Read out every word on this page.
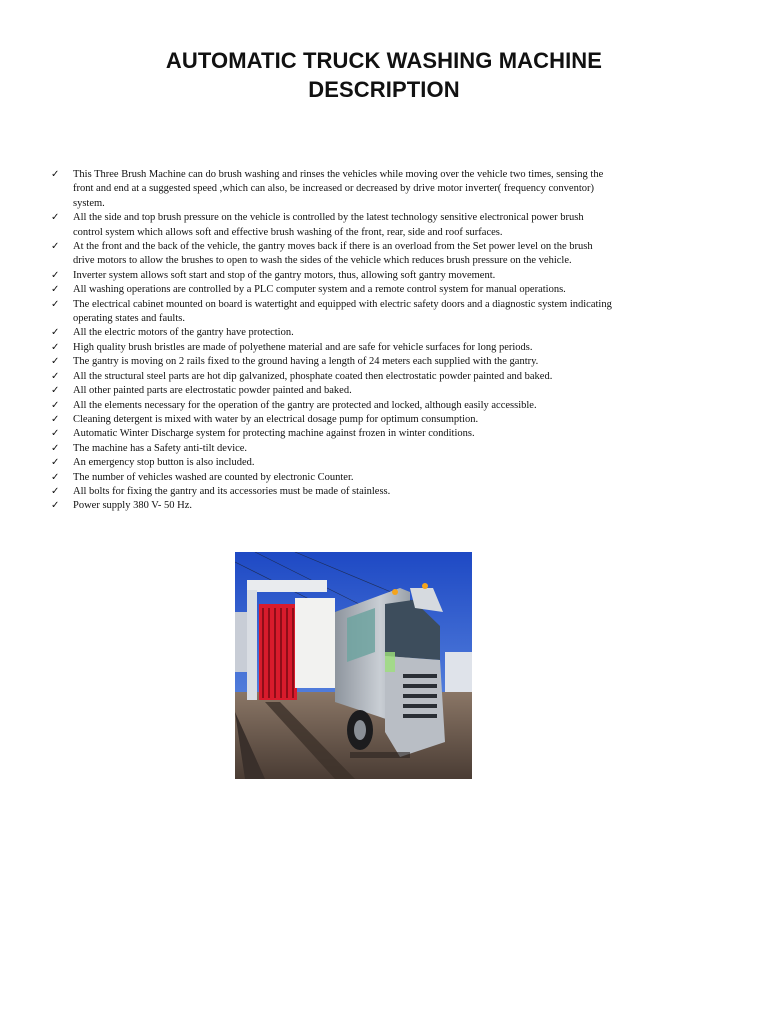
AUTOMATIC TRUCK WASHING MACHINE
DESCRIPTION
✓ This Three Brush Machine can do brush washing and rinses the vehicles while moving over the vehicle two times, sensing the
front and end at a suggested speed ,which can also, be increased or decreased by drive motor inverter( frequency conventor)
system.
✓ All the side and top brush pressure on the vehicle is controlled by the latest technology sensitive electronical power brush
control system which allows soft and effective brush washing of the front, rear, side and roof surfaces.
✓ At the front and the back of the vehicle, the gantry moves back if there is an overload from the Set power level on the brush
drive motors to allow the brushes to open to wash the sides of the vehicle which reduces brush pressure on the vehicle.
✓ Inverter system allows soft start and stop of the gantry motors, thus, allowing soft gantry movement.
✓ All washing operations are controlled by a PLC computer system and a remote control system for manual operations.
✓ The electrical cabinet mounted on board is watertight and equipped with electric safety doors and a diagnostic system indicating
operating states and faults.
✓ All the electric motors of the gantry have protection.
✓ High quality brush bristles are made of polyethene material and are safe for vehicle surfaces for long periods.
✓ The gantry is moving on 2 rails fixed to the ground having a length of 24 meters each supplied with the gantry.
✓ All the structural steel parts are hot dip galvanized, phosphate coated then electrostatic powder painted and baked.
✓ All other painted parts are electrostatic powder painted and baked.
✓ All the elements necessary for the operation of the gantry are protected and locked, although easily accessible.
✓ Cleaning detergent is mixed with water by an electrical dosage pump for optimum consumption.
✓ Automatic Winter Discharge system for protecting machine against frozen in winter conditions.
✓ The machine has a Safety anti-tilt device.
✓ An emergency stop button is also included.
✓ The number of vehicles washed are counted by electronic Counter.
✓ All bolts for fixing the gantry and its accessories must be made of stainless.
✓ Power supply 380 V- 50 Hz.
